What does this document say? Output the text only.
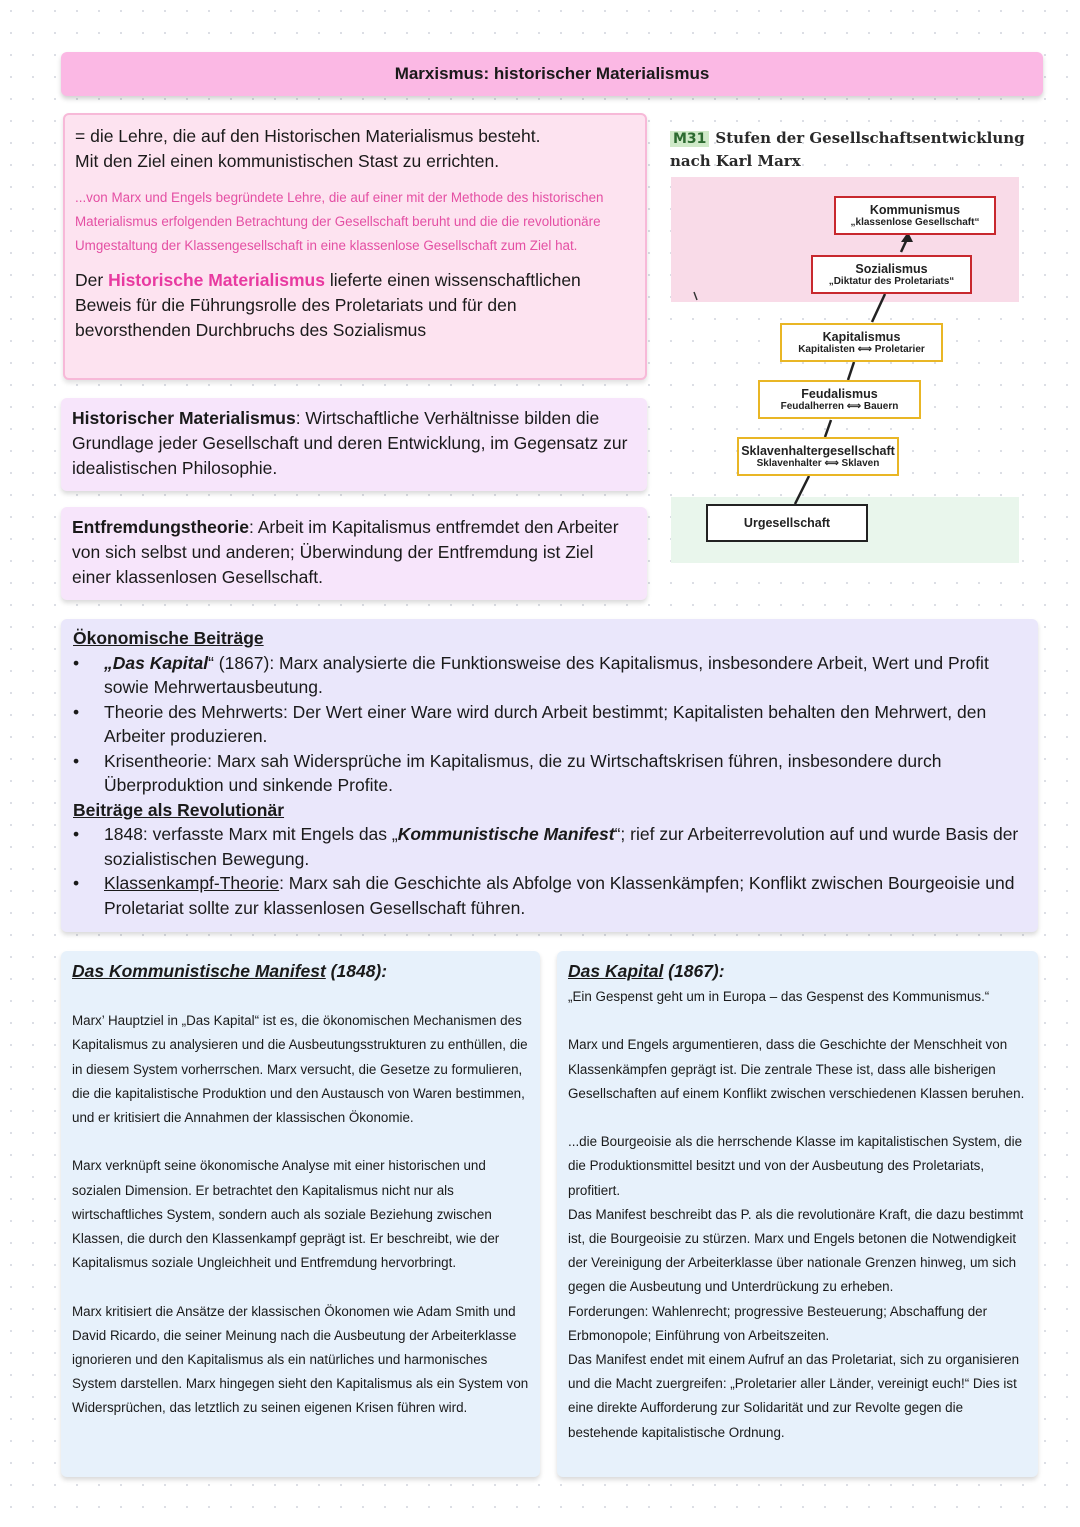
Marxismus: historischer Materialismus
= die Lehre, die auf den Historischen Materialismus besteht.
Mit den Ziel einen kommunistischen Stast zu errichten.
...von Marx und Engels begründete Lehre, die auf einer mit der Methode des historischen Materialismus erfolgenden Betrachtung der Gesellschaft beruht und die die revolutionäre Umgestaltung der Klassengesellschaft in eine klassenlose Gesellschaft zum Ziel hat.
Der Historische Materialismus lieferte einen wissenschaftlichen Beweis für die Führungsrolle des Proletariats und für den bevorsthenden Durchbruchs des Sozialismus
Historischer Materialismus: Wirtschaftliche Verhältnisse bilden die Grundlage jeder Gesellschaft und deren Entwicklung, im Gegensatz zur idealistischen Philosophie.
Entfremdungstheorie: Arbeit im Kapitalismus entfremdet den Arbeiter von sich selbst und anderen; Überwindung der Entfremdung ist Ziel einer klassenlosen Gesellschaft.
M31 Stufen der Gesellschaftsentwicklung nach Karl Marx
Kommunismus
„klassenlose Gesellschaft“
Sozialismus
„Diktatur des Proletariats“
Kapitalismus
Kapitalisten ⟺ Proletarier
Feudalismus
Feudalherren ⟺ Bauern
Sklavenhaltergesellschaft
Sklavenhalter ⟺ Sklaven
Urgesellschaft
Ökonomische Beiträge
• „Das Kapital“ (1867): Marx analysierte die Funktionsweise des Kapitalismus, insbesondere Arbeit, Wert und Profit sowie Mehrwertausbeutung.
• Theorie des Mehrwerts: Der Wert einer Ware wird durch Arbeit bestimmt; Kapitalisten behalten den Mehrwert, den Arbeiter produzieren.
• Krisentheorie: Marx sah Widersprüche im Kapitalismus, die zu Wirtschaftskrisen führen, insbesondere durch Überproduktion und sinkende Profite.
Beiträge als Revolutionär
• 1848: verfasste Marx mit Engels das „Kommunistische Manifest“; rief zur Arbeiterrevolution auf und wurde Basis der sozialistischen Bewegung.
• Klassenkampf-Theorie: Marx sah die Geschichte als Abfolge von Klassenkämpfen; Konflikt zwischen Bourgeoisie und Proletariat sollte zur klassenlosen Gesellschaft führen.
Das Kommunistische Manifest (1848):

Marx’ Hauptziel in „Das Kapital“ ist es, die ökonomischen Mechanismen des Kapitalismus zu analysieren und die Ausbeutungsstrukturen zu enthüllen, die in diesem System vorherrschen. Marx versucht, die Gesetze zu formulieren, die die kapitalistische Produktion und den Austausch von Waren bestimmen, und er kritisiert die Annahmen der klassischen Ökonomie.

Marx verknüpft seine ökonomische Analyse mit einer historischen und sozialen Dimension. Er betrachtet den Kapitalismus nicht nur als wirtschaftliches System, sondern auch als soziale Beziehung zwischen Klassen, die durch den Klassenkampf geprägt ist. Er beschreibt, wie der Kapitalismus soziale Ungleichheit und Entfremdung hervorbringt.

Marx kritisiert die Ansätze der klassischen Ökonomen wie Adam Smith und David Ricardo, die seiner Meinung nach die Ausbeutung der Arbeiterklasse ignorieren und den Kapitalismus als ein natürliches und harmonisches System darstellen. Marx hingegen sieht den Kapitalismus als ein System von Widersprüchen, das letztlich zu seinen eigenen Krisen führen wird.

Das Kapital (1867):

„Ein Gespenst geht um in Europa – das Gespenst des Kommunismus.“

Marx und Engels argumentieren, dass die Geschichte der Menschheit von Klassenkämpfen geprägt ist. Die zentrale These ist, dass alle bisherigen Gesellschaften auf einem Konflikt zwischen verschiedenen Klassen beruhen.

...die Bourgeoisie als die herrschende Klasse im kapitalistischen System, die die Produktionsmittel besitzt und von der Ausbeutung des Proletariats, profitiert.

Das Manifest beschreibt das P. als die revolutionäre Kraft, die dazu bestimmt ist, die Bourgeoisie zu stürzen. Marx und Engels betonen die Notwendigkeit der Vereinigung der Arbeiterklasse über nationale Grenzen hinweg, um sich gegen die Ausbeutung und Unterdrückung zu erheben.

Forderungen: Wahlenrecht; progressive Besteuerung; Abschaffung der Erbmonopole; Einführung von Arbeitszeiten.

Das Manifest endet mit einem Aufruf an das Proletariat, sich zu organisieren und die Macht zuergreifen: „Proletarier aller Länder, vereinigt euch!“ Dies ist eine direkte Aufforderung zur Solidarität und zur Revolte gegen die bestehende kapitalistische Ordnung.
